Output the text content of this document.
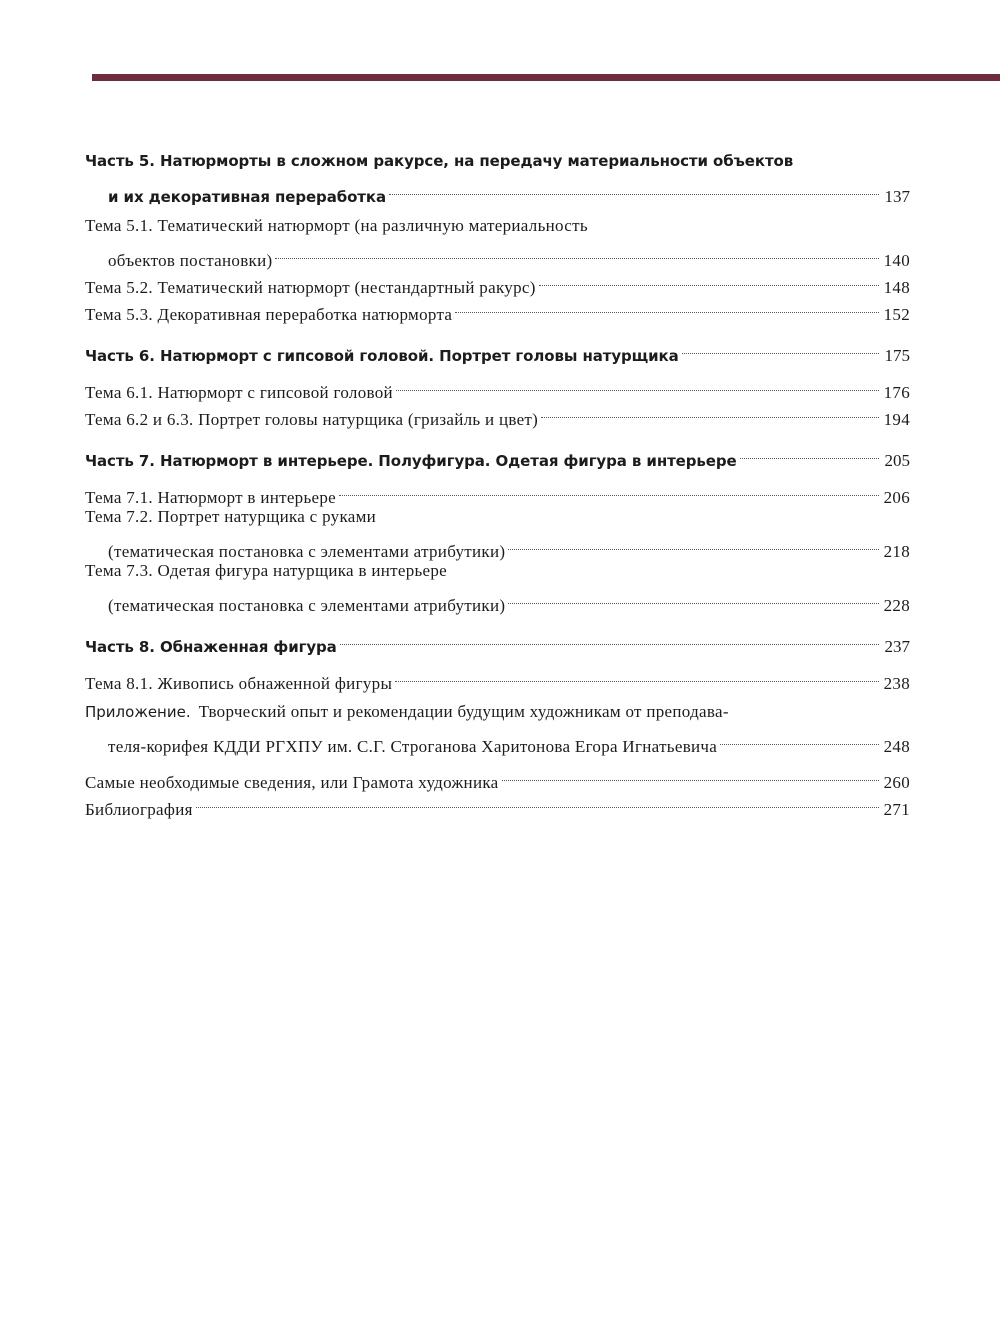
Часть 5. Натюрморты в сложном ракурсе, на передачу материальности объектов
и их декоративная переработка	137
Тема 5.1. Тематический натюрморт (на различную материальность
объектов постановки)	140
Тема 5.2. Тематический натюрморт (нестандартный ракурс)	148
Тема 5.3. Декоративная переработка натюрморта	152
Часть 6. Натюрморт с гипсовой головой. Портрет головы натурщика	175
Тема 6.1. Натюрморт с гипсовой головой	176
Тема 6.2 и 6.3. Портрет головы натурщика (гризайль и цвет)	194
Часть 7. Натюрморт в интерьере. Полуфигура. Одетая фигура в интерьере	205
Тема 7.1. Натюрморт в интерьере	206
Тема 7.2. Портрет натурщика с руками
(тематическая постановка с элементами атрибутики)	218
Тема 7.3. Одетая фигура натурщика в интерьере
(тематическая постановка с элементами атрибутики)	228
Часть 8. Обнаженная фигура	237
Тема 8.1. Живопись обнаженной фигуры	238
Приложение. Творческий опыт и рекомендации будущим художникам от преподава-
теля-корифея КДДИ РГХПУ им. С.Г. Строганова Харитонова Егора Игнатьевича	248
Самые необходимые сведения, или Грамота художника	260
Библиография	271
